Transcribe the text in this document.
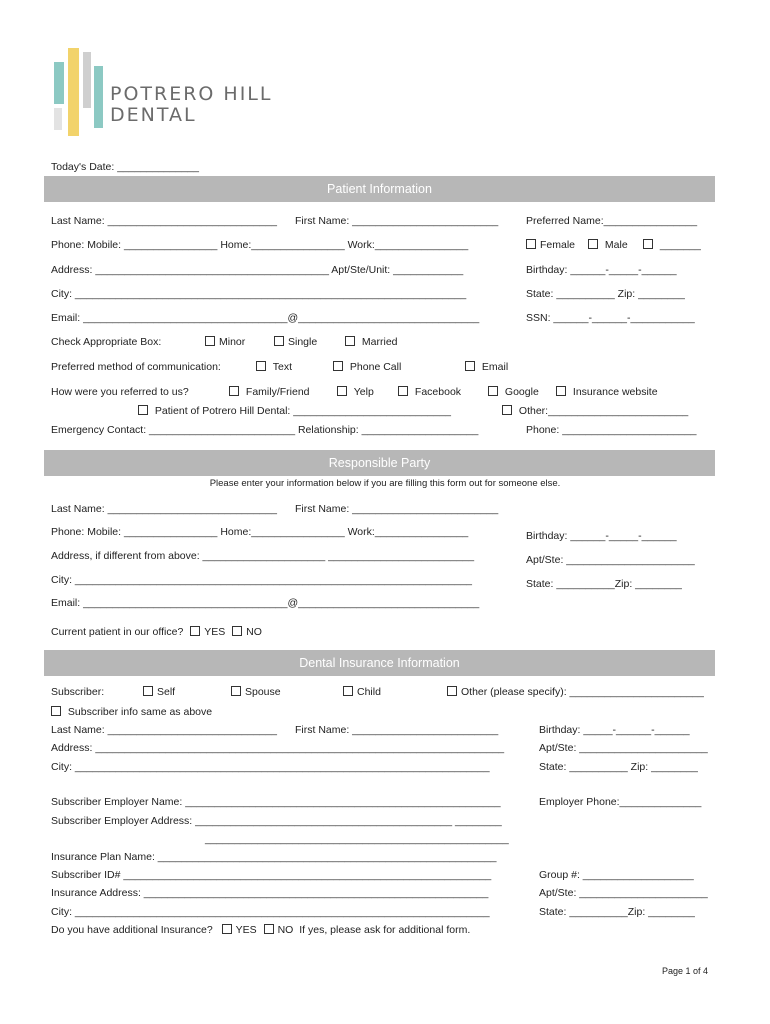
POTRERO HILL
DENTAL
Today's Date: ______________
Patient Information
Last Name: _____________________________ First Name: _________________________	Preferred Name:________________
Phone: Mobile: ________________ Home:________________ Work:________________	Female	Male	_______
Address: ________________________________________ Apt/Ste/Unit: ____________	Birthday: ______-_____-______
City: ___________________________________________________________________	State: __________ Zip: ________
Email: ___________________________________@_______________________________	SSN: ______-______-___________
Check Appropriate Box:	Minor	Single	Married
Preferred method of communication:	Text	Phone Call	Email
How were you referred to us?	Family/Friend	Yelp	Facebook	Google	Insurance website
Patient of Potrero Hill Dental: ___________________________	Other:________________________
Emergency Contact: _________________________ Relationship: ____________________	Phone: _______________________
Responsible Party
Please enter your information below if you are filling this form out for someone else.
Last Name: _____________________________ First Name: _________________________
Phone: Mobile: ________________ Home:________________ Work:________________	Birthday: ______-_____-______
Address, if different from above: _____________________ _________________________	Apt/Ste: ______________________
City: ____________________________________________________________________	State: __________Zip: ________
Email: ___________________________________@_______________________________
Current patient in our office? YES NO
Dental Insurance Information
Subscriber:	Self	Spouse	Child	Other (please specify): _______________________
Subscriber info same as above
Last Name: _____________________________ First Name: _________________________	Birthday: _____-______-______
Address: ______________________________________________________________________	Apt/Ste: ______________________
City: _______________________________________________________________________	State: __________ Zip: ________
Subscriber Employer Name: ______________________________________________________	Employer Phone:______________
Subscriber Employer Address: ____________________________________________ ________
____________________________________________________
Insurance Plan Name: __________________________________________________________
Subscriber ID# _______________________________________________________________	Group #: ___________________
Insurance Address: ___________________________________________________________	Apt/Ste: ______________________
City: _______________________________________________________________________	State: __________Zip: ________
Do you have additional Insurance? YES NO If yes, please ask for additional form.
Page 1 of 4
